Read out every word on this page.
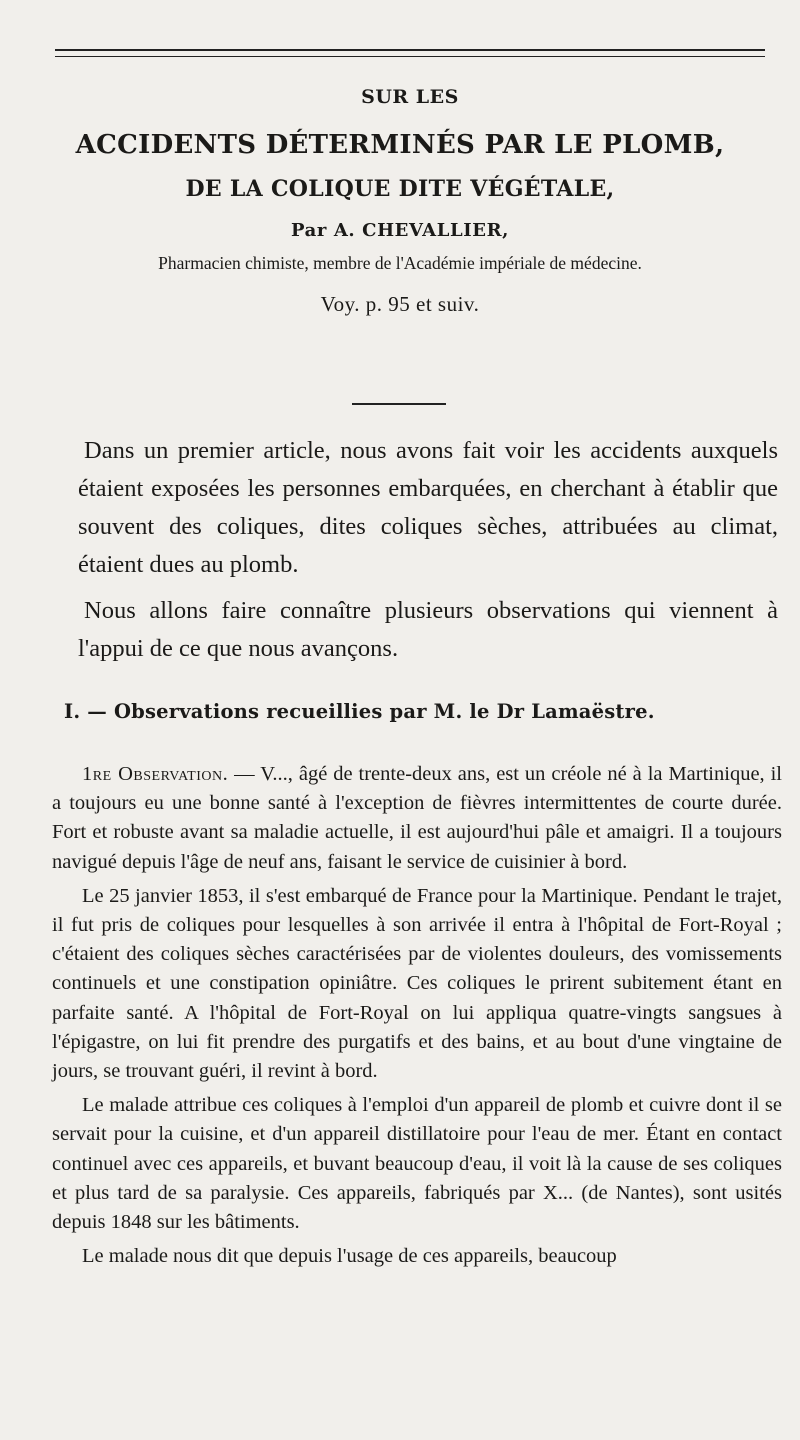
SUR LES
ACCIDENTS DÉTERMINÉS PAR LE PLOMB,
DE LA COLIQUE DITE VÉGÉTALE,
Par A. CHEVALLIER,
Pharmacien chimiste, membre de l'Académie impériale de médecine.
Voy. p. 95 et suiv.

Dans un premier article, nous avons fait voir les accidents auxquels étaient exposées les personnes embarquées, en cherchant à établir que souvent des coliques, dites coliques sèches, attribuées au climat, étaient dues au plomb.

Nous allons faire connaître plusieurs observations qui viennent à l'appui de ce que nous avançons.

I. — Observations recueillies par M. le Dr Lamaëstre.

1re Observation. — V..., âgé de trente-deux ans, est un créole né à la Martinique, il a toujours eu une bonne santé à l'exception de fièvres intermittentes de courte durée. Fort et robuste avant sa maladie actuelle, il est aujourd'hui pâle et amaigri. Il a toujours navigué depuis l'âge de neuf ans, faisant le service de cuisinier à bord.

Le 25 janvier 1853, il s'est embarqué de France pour la Martinique. Pendant le trajet, il fut pris de coliques pour lesquelles à son arrivée il entra à l'hôpital de Fort-Royal ; c'étaient des coliques sèches caractérisées par de violentes douleurs, des vomissements continuels et une constipation opiniâtre. Ces coliques le prirent subitement étant en parfaite santé. A l'hôpital de Fort-Royal on lui appliqua quatre-vingts sangsues à l'épigastre, on lui fit prendre des purgatifs et des bains, et au bout d'une vingtaine de jours, se trouvant guéri, il revint à bord.

Le malade attribue ces coliques à l'emploi d'un appareil de plomb et cuivre dont il se servait pour la cuisine, et d'un appareil distillatoire pour l'eau de mer. Étant en contact continuel avec ces appareils, et buvant beaucoup d'eau, il voit là la cause de ses coliques et plus tard de sa paralysie. Ces appareils, fabriqués par X... (de Nantes), sont usités depuis 1848 sur les bâtiments.

Le malade nous dit que depuis l'usage de ces appareils, beaucoup
